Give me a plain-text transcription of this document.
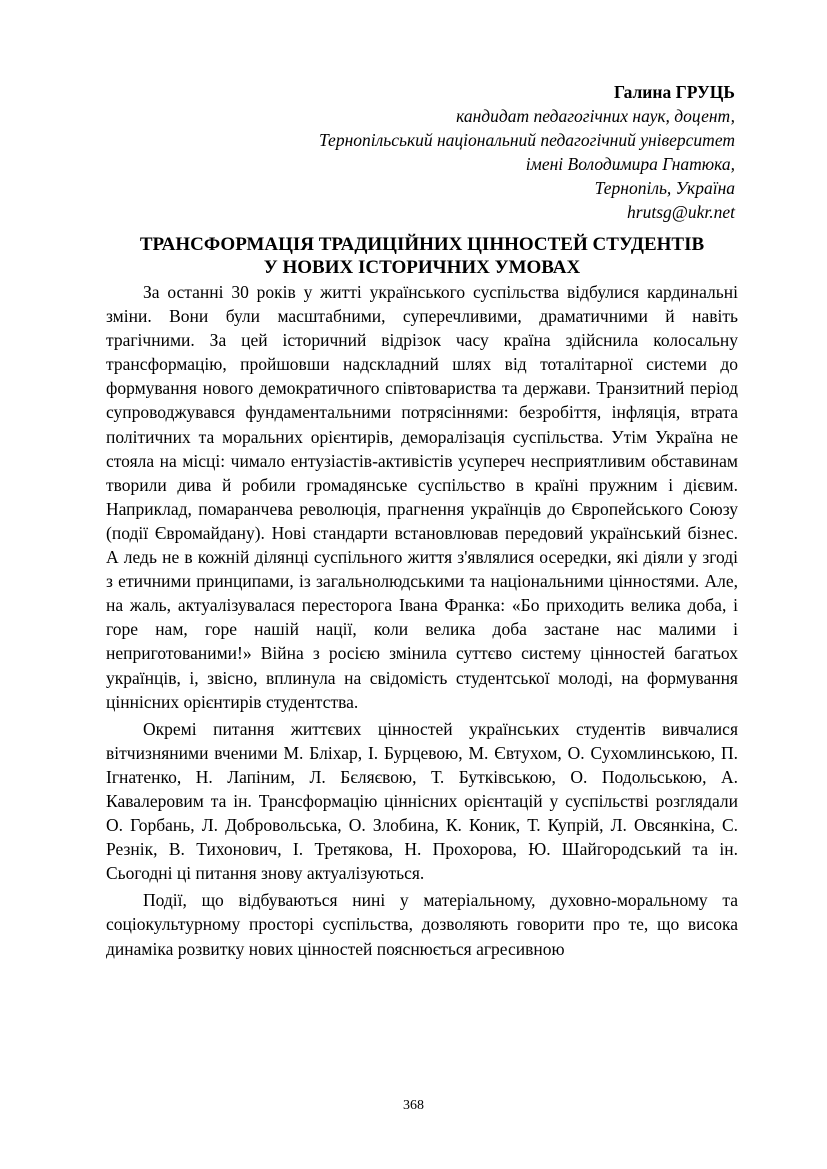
Галина ГРУЦЬ
кандидат педагогічних наук, доцент,
Тернопільський національний педагогічний університет
імені Володимира Гнатюка,
Тернопіль, Україна
hrutsg@ukr.net
ТРАНСФОРМАЦІЯ ТРАДИЦІЙНИХ ЦІННОСТЕЙ СТУДЕНТІВ
У НОВИХ ІСТОРИЧНИХ УМОВАХ

За останні 30 років у житті українського суспільства відбулися кардинальні зміни. Вони були масштабними, суперечливими, драматичними й навіть трагічними. За цей історичний відрізок часу країна здійснила колосальну трансформацію, пройшовши надскладний шлях від тоталітарної системи до формування нового демократичного співтовариства та держави. Транзитний період супроводжувався фундаментальними потрясіннями: безробіття, інфляція, втрата політичних та моральних орієнтирів, деморалізація суспільства. Утім Україна не стояла на місці: чимало ентузіастів-активістів усупереч несприятливим обставинам творили дива й робили громадянське суспільство в країні пружним і дієвим. Наприклад, помаранчева революція, прагнення українців до Європейського Союзу (події Євромайдану). Нові стандарти встановлював передовий український бізнес. А ледь не в кожній ділянці суспільного життя з'являлися осередки, які діяли у згоді з етичними принципами, із загальнолюдськими та національними цінностями. Але, на жаль, актуалізувалася пересторога Івана Франка: «Бо приходить велика доба, і горе нам, горе нашій нації, коли велика доба застане нас малими і неприготованими!» Війна з росією змінила суттєво систему цінностей багатьох українців, і, звісно, вплинула на свідомість студентської молоді, на формування ціннісних орієнтирів студентства.

Окремі питання життєвих цінностей українських студентів вивчалися вітчизняними вченими М. Бліхар, І. Бурцевою, М. Євтухом, О. Сухомлинською, П. Ігнатенко, Н. Лапіним, Л. Бєляєвою, Т. Бутківською, О. Подольською, А. Кавалеровим та ін. Трансформацію ціннісних орієнтацій у суспільстві розглядали О. Горбань, Л. Добровольська, О. Злобина, К. Коник, Т. Купрій, Л. Овсянкіна, С. Резнік, В. Тихонович, І. Третякова, Н. Прохорова, Ю. Шайгородський та ін. Сьогодні ці питання знову актуалізуються.

Події, що відбуваються нині у матеріальному, духовно-моральному та соціокультурному просторі суспільства, дозволяють говорити про те, що висока динаміка розвитку нових цінностей пояснюється агресивною

368
